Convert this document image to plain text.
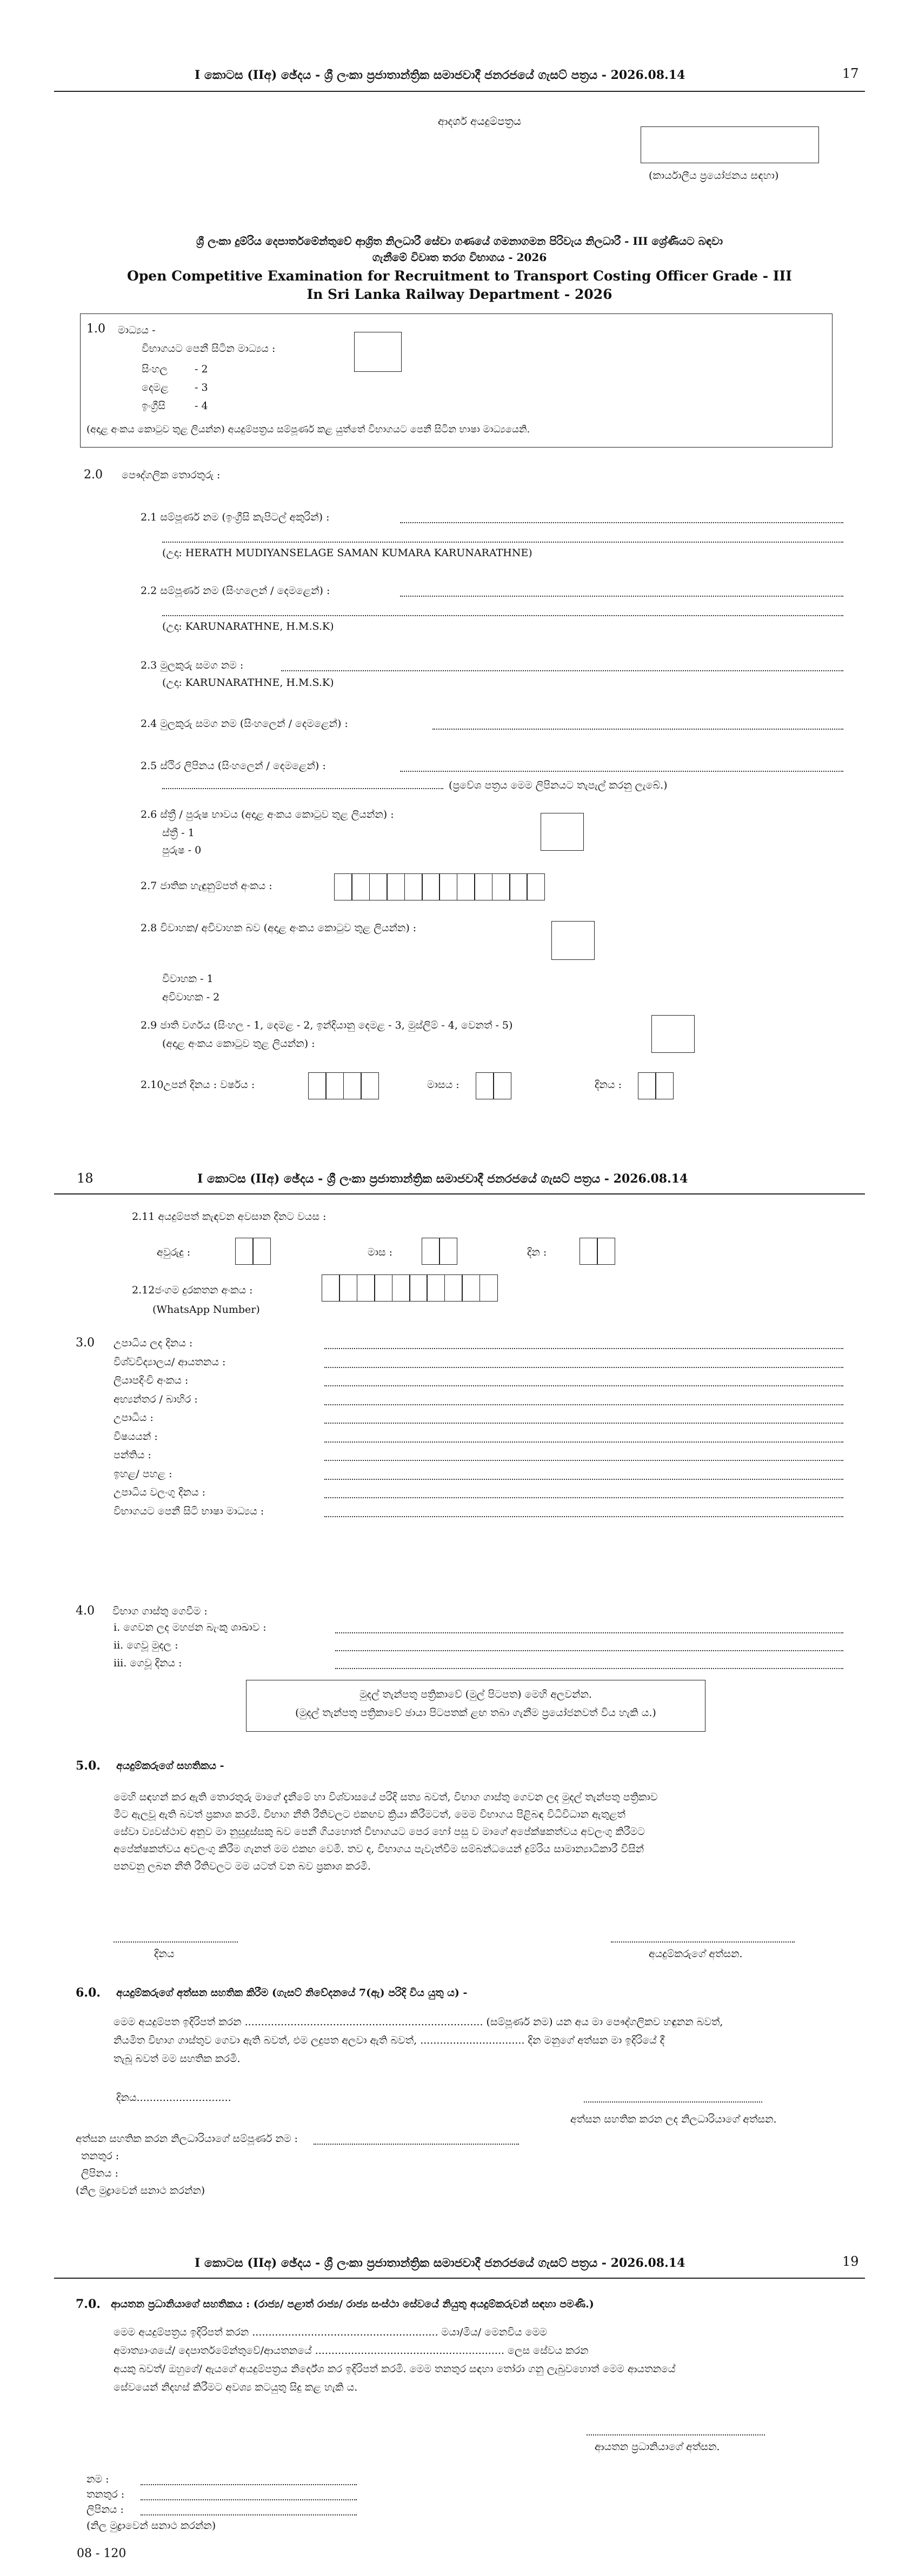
I කොටස (IIඅ) ඡේදය - ශ්‍රී ලංකා ප්‍රජාතාන්ත්‍රික සමාජවාදී ජනරජයේ ගැසට් පත්‍රය - 2026.08.14	17
ආදර්ශ අයදුම්පත්‍රය
(කාර්යාලීය ප්‍රයෝජනය සඳහා)
ශ්‍රී ලංකා දුම්රිය දෙපාර්තමේන්තුවේ ආශ්‍රිත නිලධාරී සේවා ගණයේ ගමනාගමන පිරිවැය නිලධාරී - III ශ්‍රේණියට බඳවා
ගැනීමේ විවෘත තරග විභාගය - 2026
Open Competitive Examination for Recruitment to Transport Costing Officer Grade - III
In Sri Lanka Railway Department - 2026
1.0 මාධ්‍යය -
විභාගයට පෙනී සිටින මාධ්‍යය :
සිංහල	- 2
දෙමළ	- 3
ඉංග්‍රීසි	- 4
(අදාළ අංකය කොටුව තුළ ලියන්න) අයදුම්පත්‍රය සම්පූර්ණ කළ යුත්තේ විභාගයට පෙනී සිටින භාෂා මාධ්‍යයෙනි.
2.0 පෞද්ගලික තොරතුරු :
2.1 සම්පූර්ණ නම (ඉංග්‍රීසි කැපිටල් අකුරින්) :
(උදා: HERATH MUDIYANSELAGE SAMAN KUMARA KARUNARATHNE)
2.2 සම්පූර්ණ නම (සිංහලෙන් / දෙමළෙන්) :
(උදා: KARUNARATHNE, H.M.S.K)
2.3 මුලකුරු සමග නම :
(උදා: KARUNARATHNE, H.M.S.K)
2.4 මුලකුරු සමග නම (සිංහලෙන් / දෙමළෙන්) :
2.5 ස්ථිර ලිපිනය (සිංහලෙන් / දෙමළෙන්) :
(ප්‍රවේශ පත්‍රය මෙම ලිපිනයට තැපැල් කරනු ලැබේ.)
2.6 ස්ත්‍රී / පුරුෂ භාවය (අදාළ අංකය කොටුව තුළ ලියන්න) :
ස්ත්‍රී - 1
පුරුෂ - 0
2.7 ජාතික හැඳුනුම්පත් අංකය :
2.8 විවාහක/ අවිවාහක බව (අදාළ අංකය කොටුව තුළ ලියන්න) :
විවාහක - 1
අවිවාහක - 2
2.9 ජාති වර්ගය (සිංහල - 1, දෙමළ - 2, ඉන්දියානු දෙමළ - 3, මුස්ලිම් - 4, වෙනත් - 5)
(අදාළ අංකය කොටුව තුළ ලියන්න) :
2.10උපන් දිනය : වර්ෂය :	මාසය :	දිනය :
18	I කොටස (IIඅ) ඡේදය - ශ්‍රී ලංකා ප්‍රජාතාන්ත්‍රික සමාජවාදී ජනරජයේ ගැසට් පත්‍රය - 2026.08.14
2.11 අයදුම්පත් කැඳවන අවසාන දිනට වයස :
අවුරුදු :	මාස :	දින :
2.12ජංගම දුරකතන අංකය :
(WhatsApp Number)
3.0 උපාධිය ලද දිනය :
විශ්වවිද්‍යාලය/ ආයතනය :
ලියාපදිංචි අංකය :
අභ්‍යන්තර / බාහිර :
උපාධිය :
විෂයයන් :
පන්තිය :
ඉහළ/ පහළ :
උපාධිය වලංගු දිනය :
විභාගයට පෙනී සිටි භාෂා මාධ්‍යය :
4.0 විභාග ගාස්තු ගෙවීම :
i. ගෙවන ලද මහජන බැංකු ශාඛාව :
ii. ගෙවූ මුදල :
iii. ගෙවූ දිනය :
මුදල් තැන්පතු පත්‍රිකාවේ (මුල් පිටපත) මෙහි අලවන්න.
(මුදල් තැන්පතු පත්‍රිකාවේ ඡායා පිටපතක් ළඟ තබා ගැනීම ප්‍රයෝජනවත් විය හැකි ය.)
5.0. අයදුම්කරුගේ සහතිකය -
මෙහි සඳහන් කර ඇති තොරතුරු මාගේ දැනීමේ හා විශ්වාසයේ පරිදි සත්‍ය බවත්, විභාග ගාස්තු ගෙවන ලද මුදල් තැන්පතු පත්‍රිකාව
මීට ඇලවූ ඇති බවත් ප්‍රකාශ කරමි. විභාග නීති රීතිවලට එකඟව ක්‍රියා කිරීමටත්, මෙම විභාගය පිළිබඳ විධිවිධාන ඇතුළත්
සේවා ව්‍යවස්ථාව අනුව මා නුසුදුස්සකු බව පෙනී ගියහොත් විභාගයට පෙර හෝ පසු ව මාගේ අපේක්ෂකත්වය අවලංගු කිරීමට
අපේක්ෂකත්වය අවලංගු කිරීම ගැනත් මම එකඟ වෙමි. තව ද, විභාගය පැවැත්වීම සම්බන්ධයෙන් දුම්රිය සාමාන්‍යාධිකාරී විසින්
පනවනු ලබන නීති රීතිවලට මම යටත් වන බව ප්‍රකාශ කරමි.
දිනය	අයදුම්කරුගේ අත්සන.
6.0. අයදුම්කරුගේ අත්සන සහතික කිරීම (ගැසට් නිවේදනයේ 7(ඇ) පරිදි විය යුතු ය) -
මෙම අයදුම්පත ඉදිරිපත් කරන ......................................................................... (සම්පූර්ණ නම) යන අය මා පෞද්ගලිකව හඳුනන බවත්,
නියමිත විභාග ගාස්තුව ගෙවා ඇති බවත්, එම ලදුපත අලවා ඇති බවත්, ................................ දින මනුගේ අත්සන මා ඉදිරියේ දී
තැබූ බවත් මම සහතික කරමි.
දිනය.............................
අත්සන සහතික කරන ලද නිලධාරියාගේ අත්සන.
අත්සන සහතික කරන නිලධාරියාගේ සම්පූර්ණ නම :
තනතුර :
ලිපිනය :
(නිල මුද්‍රාවෙන් සනාථ කරන්න)
I කොටස (IIඅ) ඡේදය - ශ්‍රී ලංකා ප්‍රජාතාන්ත්‍රික සමාජවාදී ජනරජයේ ගැසට් පත්‍රය - 2026.08.14	19
7.0. ආයතන ප්‍රධානියාගේ සහතිකය : (රාජ්‍ය/ පළාත් රාජ්‍ය/ රාජ්‍ය සංස්ථා සේවයේ නියුතු අයදුම්කරුවන් සඳහා පමණි.)
මෙම අයදුම්පත්‍රය ඉදිරිපත් කරන ......................................................... මයා/මිය/ මෙනවිය මෙම
අමාත්‍යාංශයේ/ දෙපාර්තමේන්තුවේ/ආයතනයේ .......................................................... ලෙස සේවය කරන
අයකු බවත්/ ඔහුගේ/ ඇයගේ අයදුම්පත්‍රය නිර්දේශ කර ඉදිරිපත් කරමි. මෙම තනතුර සඳහා තෝරා ගනු ලැබුවහොත් මෙම ආයතනයේ
සේවයෙන් නිදහස් කිරීමට අවශ්‍ය කටයුතු සිදු කළ හැකි ය.
ආයතන ප්‍රධානියාගේ අත්සන.
නම :
තනතුර :
ලිපිනය :
(නිල මුද්‍රාවෙන් සනාථ කරන්න)
08 - 120
